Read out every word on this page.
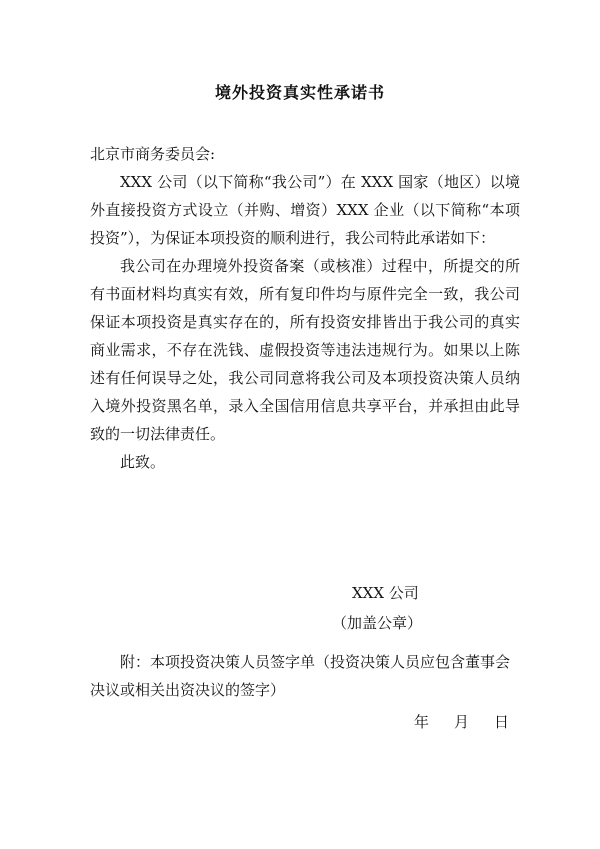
境外投资真实性承诺书

北京市商务委员会:

XXX 公司（以下简称“我公司”）在 XXX 国家（地区）以境外直接投资方式设立（并购、增资）XXX 企业（以下简称“本项投资”），为保证本项投资的顺利进行，我公司特此承诺如下：

我公司在办理境外投资备案（或核准）过程中，所提交的所有书面材料均真实有效，所有复印件均与原件完全一致，我公司保证本项投资是真实存在的，所有投资安排皆出于我公司的真实商业需求，不存在洗钱、虚假投资等违法违规行为。如果以上陈述有任何误导之处，我公司同意将我公司及本项投资决策人员纳入境外投资黑名单，录入全国信用信息共享平台，并承担由此导致的一切法律责任。

此致。

XXX 公司
（加盖公章）

附：本项投资决策人员签字单（投资决策人员应包含董事会决议或相关出资决议的签字）

年 月 日
